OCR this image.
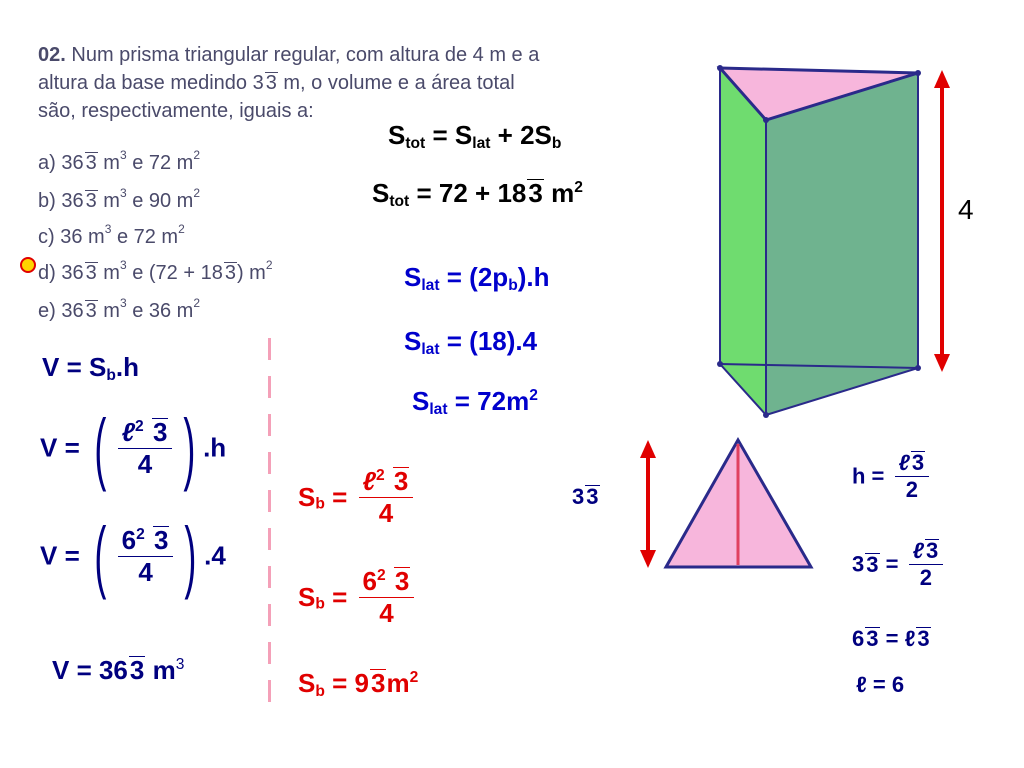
02. Num prisma triangular regular, com altura de 4 m e a
altura da base medindo 3 3 m, o volume e a área total
são, respectivamente, iguais a:
a) 36 3 $m^3$ e 72 $m^2$
b) 36 3 $m^3$ e 90 $m^2$
c) 36 $m^3$ e 72 $m^2$
d) 36 3 $m^3$ e (72 + 18 3) $m^2$
e) 36 3 $m^3$ e 36 $m^2$
$S_{tot} = S_{lat} + 2S_b$
$S_{tot} = 72 + 183$ $m^2$
$S_{lat} = (2p_b).h$
$S_{lat} = (18).4$
$S_{lat} = 72m^2$
$V = S_b.h$
V = ( $\frac{\ell^2 3}{4}$ ) .h
V = ( $\frac{6^2 3}{4}$ ) .4
V = 363 $m^3$
$S_b = \frac{\ell^2 3}{4}$
$S_b = \frac{6^2 3}{4}$
$S_b = 93m^2$
$h = \frac{\text{ℓ3}}{2}$
$33 = \frac{\text{ℓ3}}{2}$
63 = ℓ3
ℓ = 6
4
33
